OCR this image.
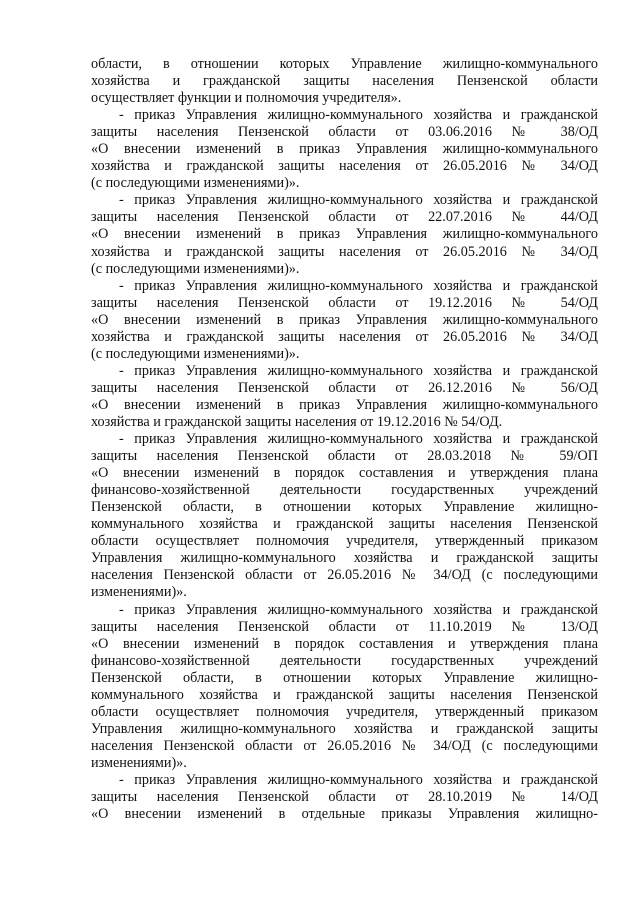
области, в отношении которых Управление жилищно-коммунального
хозяйства и гражданской защиты населения Пензенской области
осуществляет функции и полномочия учредителя».

- приказ Управления жилищно-коммунального хозяйства и гражданской
защиты населения Пензенской области от 03.06.2016 № 38/ОД
«О внесении изменений в приказ Управления жилищно-коммунального
хозяйства и гражданской защиты населения от 26.05.2016 № 34/ОД
(с последующими изменениями)».

- приказ Управления жилищно-коммунального хозяйства и гражданской
защиты населения Пензенской области от 22.07.2016 № 44/ОД
«О внесении изменений в приказ Управления жилищно-коммунального
хозяйства и гражданской защиты населения от 26.05.2016 № 34/ОД
(с последующими изменениями)».

- приказ Управления жилищно-коммунального хозяйства и гражданской
защиты населения Пензенской области от 19.12.2016 № 54/ОД
«О внесении изменений в приказ Управления жилищно-коммунального
хозяйства и гражданской защиты населения от 26.05.2016 № 34/ОД
(с последующими изменениями)».

- приказ Управления жилищно-коммунального хозяйства и гражданской
защиты населения Пензенской области от 26.12.2016 № 56/ОД
«О внесении изменений в приказ Управления жилищно-коммунального
хозяйства и гражданской защиты населения от 19.12.2016 № 54/ОД.

- приказ Управления жилищно-коммунального хозяйства и гражданской
защиты населения Пензенской области от 28.03.2018 № 59/ОП
«О внесении изменений в порядок составления и утверждения плана
финансово-хозяйственной деятельности государственных учреждений
Пензенской области, в отношении которых Управление жилищно-
коммунального хозяйства и гражданской защиты населения Пензенской
области осуществляет полномочия учредителя, утвержденный приказом
Управления жилищно-коммунального хозяйства и гражданской защиты
населения Пензенской области от 26.05.2016 № 34/ОД (с последующими
изменениями)».

- приказ Управления жилищно-коммунального хозяйства и гражданской
защиты населения Пензенской области от 11.10.2019 № 13/ОД
«О внесении изменений в порядок составления и утверждения плана
финансово-хозяйственной деятельности государственных учреждений
Пензенской области, в отношении которых Управление жилищно-
коммунального хозяйства и гражданской защиты населения Пензенской
области осуществляет полномочия учредителя, утвержденный приказом
Управления жилищно-коммунального хозяйства и гражданской защиты
населения Пензенской области от 26.05.2016 № 34/ОД (с последующими
изменениями)».

- приказ Управления жилищно-коммунального хозяйства и гражданской
защиты населения Пензенской области от 28.10.2019 № 14/ОД
«О внесении изменений в отдельные приказы Управления жилищно-
